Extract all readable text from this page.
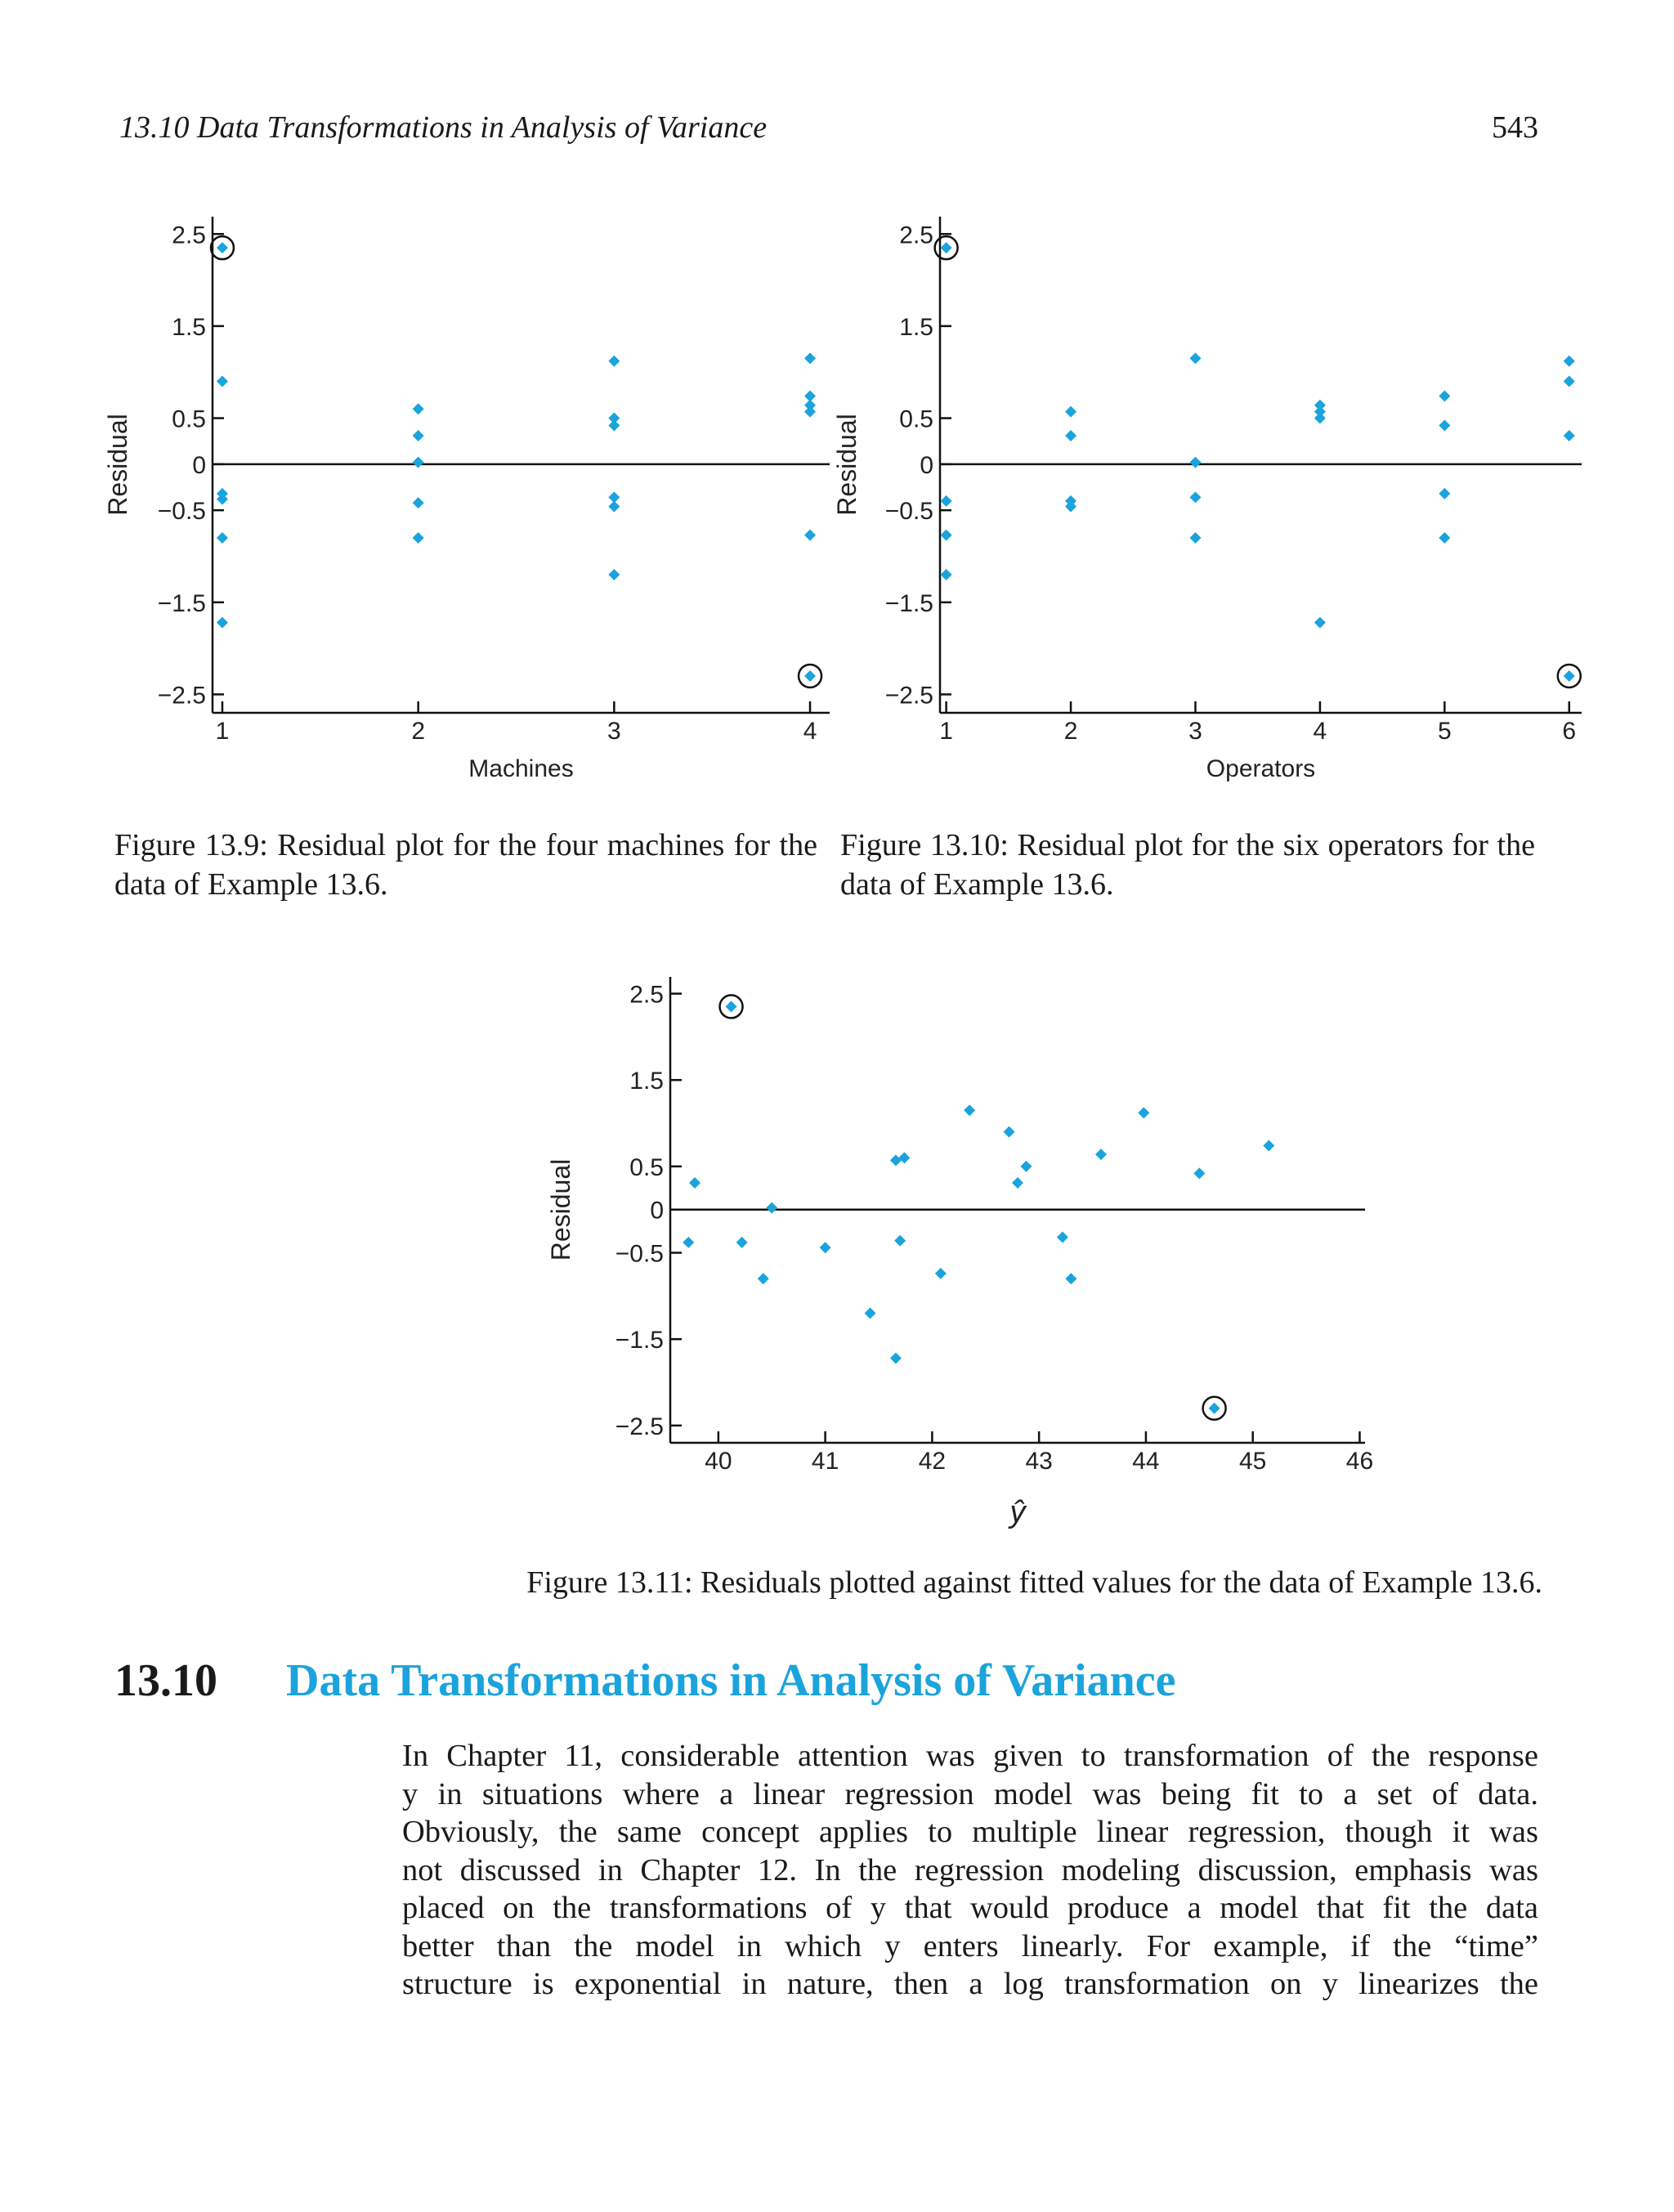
13.10 Data Transformations in Analysis of Variance	543
2.5
1.5
0.5
0
−0.5
−1.5
−2.5
1	2	3	4
Machines
Residual
2.5
1.5
0.5
0
−0.5
−1.5
−2.5
1	2	3	4	5	6
Operators
Residual
2.5
1.5
0.5
0
−0.5
−1.5
−2.5
40	41	42	43	44	45	46
ŷ
Residual
Figure 13.9: Residual plot for the four machines for the data of Example 13.6.
Figure 13.10: Residual plot for the six operators for the data of Example 13.6.
Figure 13.11: Residuals plotted against fitted values for the data of Example 13.6.
13.10 Data Transformations in Analysis of Variance
In Chapter 11, considerable attention was given to transformation of the response
y in situations where a linear regression model was being fit to a set of data.
Obviously, the same concept applies to multiple linear regression, though it was
not discussed in Chapter 12. In the regression modeling discussion, emphasis was
placed on the transformations of y that would produce a model that fit the data
better than the model in which y enters linearly. For example, if the “time”
structure is exponential in nature, then a log transformation on y linearizes the
